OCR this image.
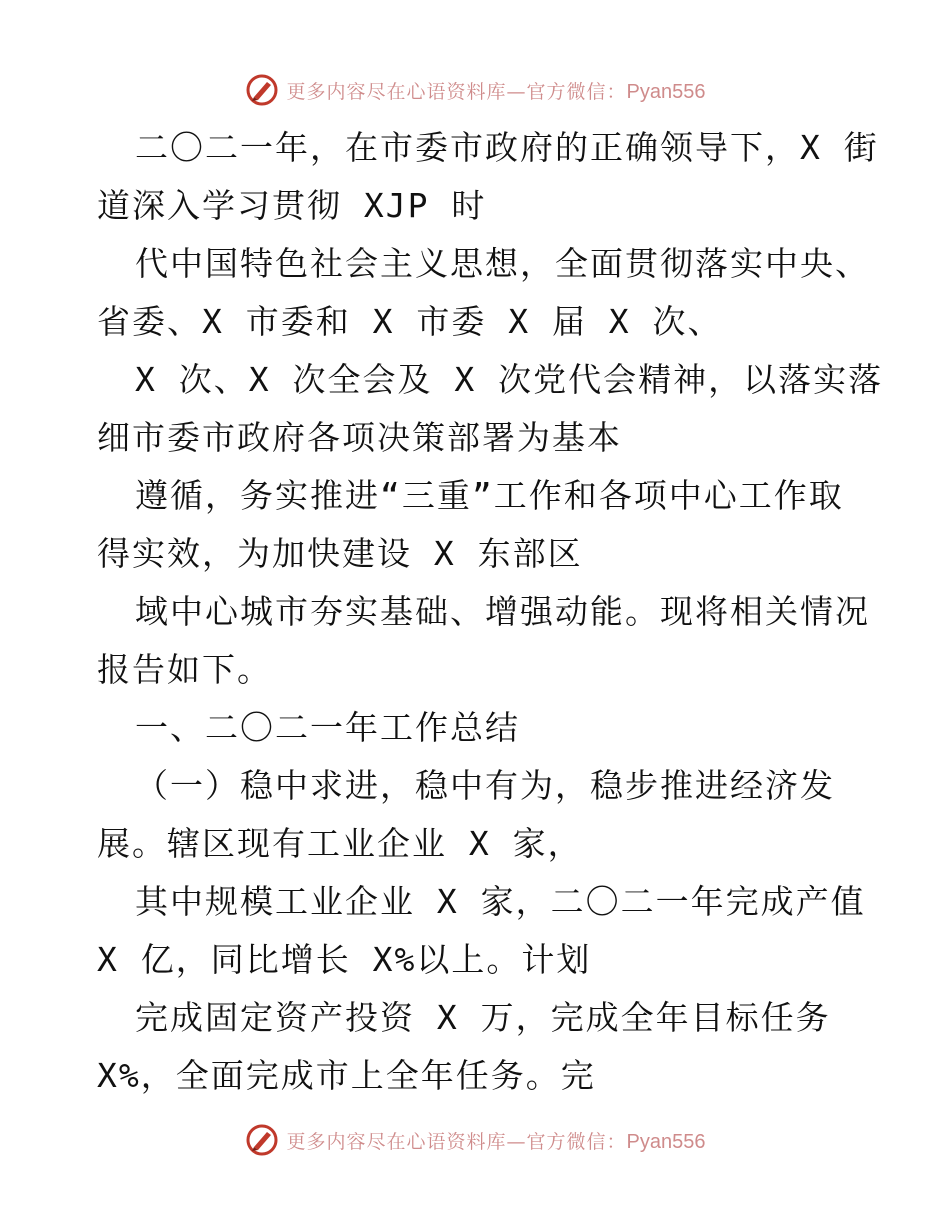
更多内容尽在心语资料库—官方微信：Pyan556
二〇二一年，在市委市政府的正确领导下，X 街
道深入学习贯彻 XJP 时
代中国特色社会主义思想，全面贯彻落实中央、
省委、X 市委和 X 市委 X 届 X 次、
X 次、X 次全会及 X 次党代会精神，以落实落
细市委市政府各项决策部署为基本
遵循，务实推进“三重”工作和各项中心工作取
得实效，为加快建设 X 东部区
域中心城市夯实基础、增强动能。现将相关情况
报告如下。
一、二〇二一年工作总结
（一）稳中求进，稳中有为，稳步推进经济发
展。辖区现有工业企业 X 家，
其中规模工业企业 X 家，二〇二一年完成产值
X 亿，同比增长 X%以上。计划
完成固定资产投资 X 万，完成全年目标任务
X%，全面完成市上全年任务。完
更多内容尽在心语资料库—官方微信：Pyan556
